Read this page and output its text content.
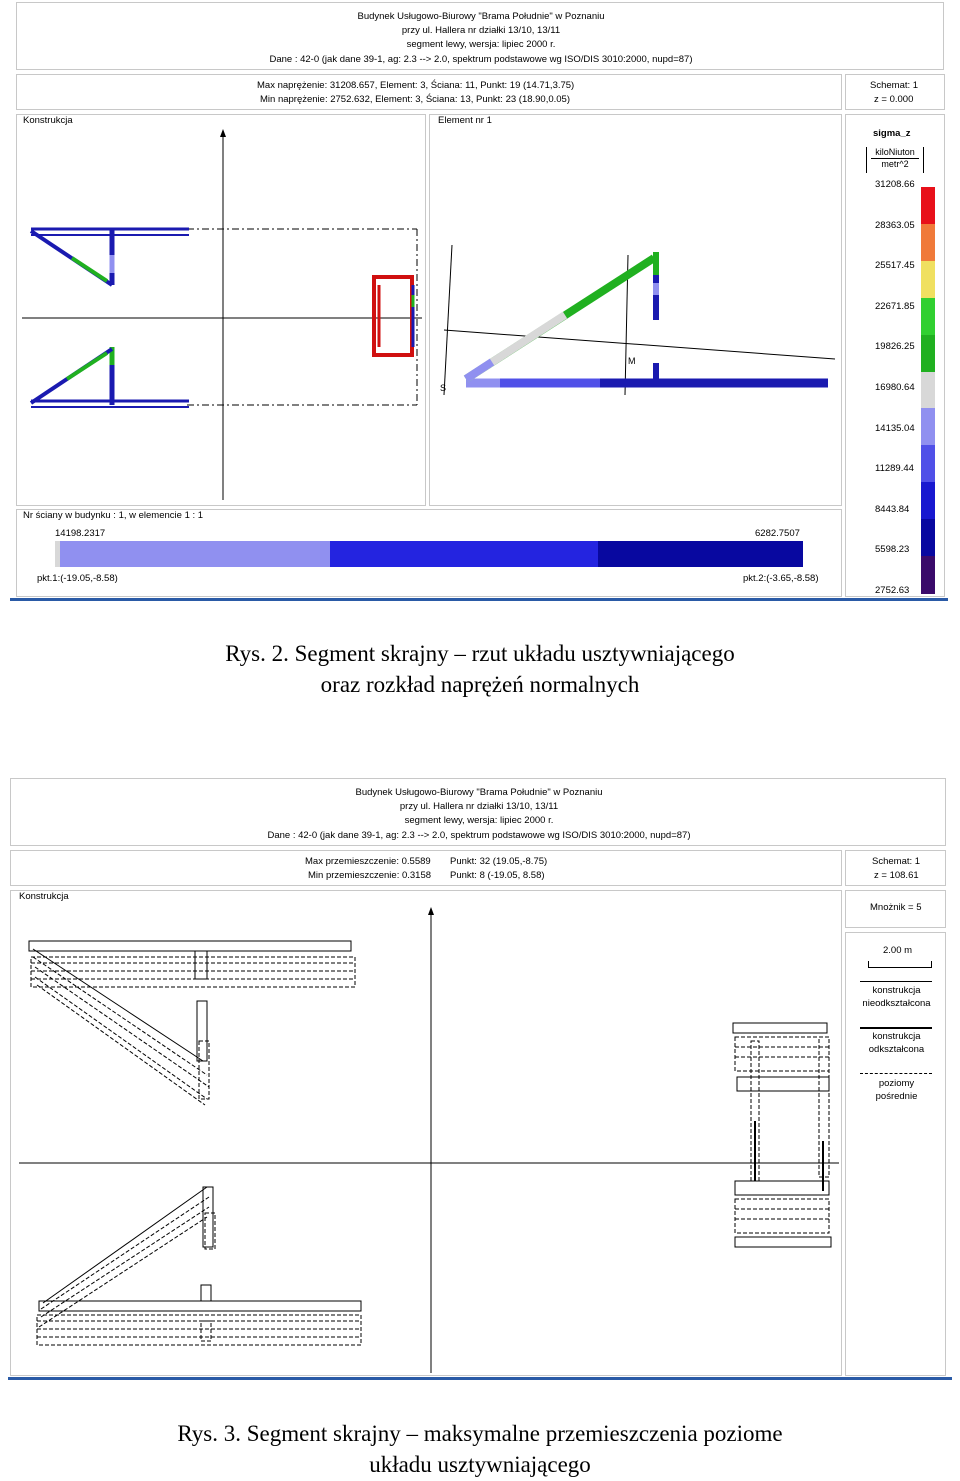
Budynek Usługowo-Biurowy "Brama Południe" w Poznaniu
przy ul. Hallera nr działki 13/10, 13/11
segment lewy, wersja: lipiec 2000 r.
Dane : 42-0 (jak dane 39-1, ag: 2.3 --> 2.0, spektrum podstawowe wg ISO/DIS 3010:2000, nupd=87)
Max naprężenie: 31208.657, Element: 3, Ściana: 11, Punkt: 19 (14.71,3.75)
Min naprężenie: 2752.632, Element: 3, Ściana: 13, Punkt: 23 (18.90,0.05)
Schemat: 1
z = 0.000
Konstrukcja	Element nr 1
S
M
Nr ściany w budynku : 1, w elemencie 1 : 1
14198.2317	6282.7507
pkt.1:(-19.05,-8.58)	pkt.2:(-3.65,-8.58)
sigma_z
kiloNiuton
metr^2
31208.66
28363.05
25517.45
22671.85
19826.25
16980.64
14135.04
11289.44
8443.84
5598.23
2752.63
Rys. 2. Segment skrajny – rzut układu usztywniającego
oraz rozkład naprężeń normalnych
Budynek Usługowo-Biurowy "Brama Południe" w Poznaniu
przy ul. Hallera nr działki 13/10, 13/11
segment lewy, wersja: lipiec 2000 r.
Dane : 42-0 (jak dane 39-1, ag: 2.3 --> 2.0, spektrum podstawowe wg ISO/DIS 3010:2000, nupd=87)
Max przemieszczenie: 0.5589 Punkt: 32 (19.05,-8.75)
Min przemieszczenie: 0.3158 Punkt: 8 (-19.05, 8.58)
Schemat: 1
z = 108.61
Konstrukcja
Mnożnik = 5
2.00 m
konstrukcja
nieodkształcona
konstrukcja
odkształcona
poziomy
pośrednie
Rys. 3. Segment skrajny – maksymalne przemieszczenia poziome
układu usztywniającego
